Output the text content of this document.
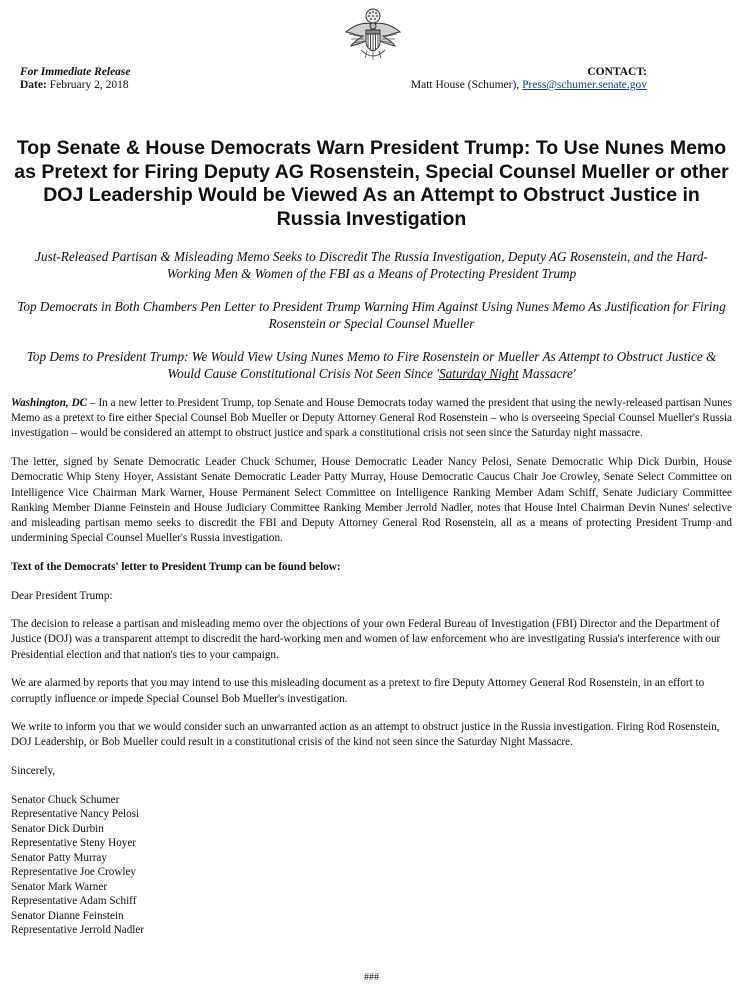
For Immediate Release
Date: February 2, 2018
CONTACT:
Matt House (Schumer), Press@schumer.senate.gov
Top Senate & House Democrats Warn President Trump: To Use Nunes Memo as Pretext for Firing Deputy AG Rosenstein, Special Counsel Mueller or other DOJ Leadership Would be Viewed As an Attempt to Obstruct Justice in Russia Investigation

Just-Released Partisan & Misleading Memo Seeks to Discredit The Russia Investigation, Deputy AG Rosenstein, and the Hard-Working Men & Women of the FBI as a Means of Protecting President Trump

Top Democrats in Both Chambers Pen Letter to President Trump Warning Him Against Using Nunes Memo As Justification for Firing Rosenstein or Special Counsel Mueller

Top Dems to President Trump: We Would View Using Nunes Memo to Fire Rosenstein or Mueller As Attempt to Obstruct Justice & Would Cause Constitutional Crisis Not Seen Since 'Saturday Night Massacre'

Washington, DC – In a new letter to President Trump, top Senate and House Democrats today warned the president that using the newly-released partisan Nunes Memo as a pretext to fire either Special Counsel Bob Mueller or Deputy Attorney General Rod Rosenstein – who is overseeing Special Counsel Mueller's Russia investigation – would be considered an attempt to obstruct justice and spark a constitutional crisis not seen since the Saturday night massacre.

The letter, signed by Senate Democratic Leader Chuck Schumer, House Democratic Leader Nancy Pelosi, Senate Democratic Whip Dick Durbin, House Democratic Whip Steny Hoyer, Assistant Senate Democratic Leader Patty Murray, House Democratic Caucus Chair Joe Crowley, Senate Select Committee on Intelligence Vice Chairman Mark Warner, House Permanent Select Committee on Intelligence Ranking Member Adam Schiff, Senate Judiciary Committee Ranking Member Dianne Feinstein and House Judiciary Committee Ranking Member Jerrold Nadler, notes that House Intel Chairman Devin Nunes' selective and misleading partisan memo seeks to discredit the FBI and Deputy Attorney General Rod Rosenstein, all as a means of protecting President Trump and undermining Special Counsel Mueller's Russia investigation.

Text of the Democrats' letter to President Trump can be found below:

Dear President Trump:

The decision to release a partisan and misleading memo over the objections of your own Federal Bureau of Investigation (FBI) Director and the Department of Justice (DOJ) was a transparent attempt to discredit the hard-working men and women of law enforcement who are investigating Russia's interference with our Presidential election and that nation's ties to your campaign.

We are alarmed by reports that you may intend to use this misleading document as a pretext to fire Deputy Attorney General Rod Rosenstein, in an effort to corruptly influence or impede Special Counsel Bob Mueller's investigation.

We write to inform you that we would consider such an unwarranted action as an attempt to obstruct justice in the Russia investigation. Firing Rod Rosenstein, DOJ Leadership, or Bob Mueller could result in a constitutional crisis of the kind not seen since the Saturday Night Massacre.

Sincerely,

Senator Chuck Schumer
Representative Nancy Pelosi
Senator Dick Durbin
Representative Steny Hoyer
Senator Patty Murray
Representative Joe Crowley
Senator Mark Warner
Representative Adam Schiff
Senator Dianne Feinstein
Representative Jerrold Nadler
###
